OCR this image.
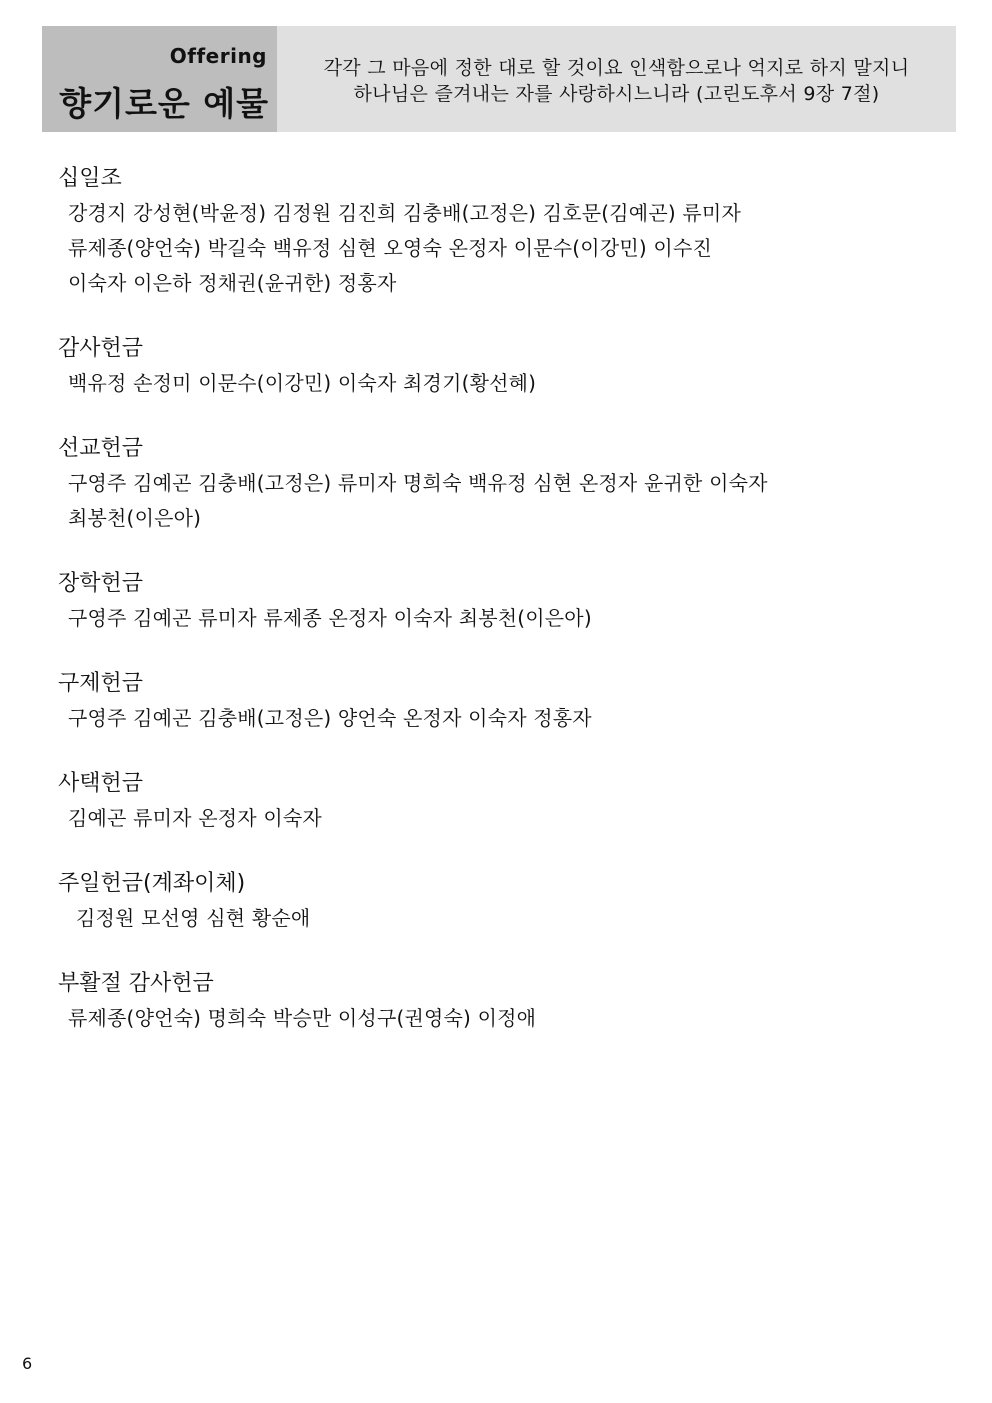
Offering
향기로운 예물
각각 그 마음에 정한 대로 할 것이요 인색함으로나 억지로 하지 말지니
하나님은 즐겨내는 자를 사랑하시느니라 (고린도후서 9장 7절)
십일조
강경지 강성현(박윤정) 김정원 김진희 김충배(고정은) 김호문(김예곤) 류미자
류제종(양언숙) 박길숙 백유정 심현 오영숙 온정자 이문수(이강민) 이수진
이숙자 이은하 정채권(윤귀한) 정홍자
감사헌금
백유정 손정미 이문수(이강민) 이숙자 최경기(황선혜)
선교헌금
구영주 김예곤 김충배(고정은) 류미자 명희숙 백유정 심현 온정자 윤귀한 이숙자
최봉천(이은아)
장학헌금
구영주 김예곤 류미자 류제종 온정자 이숙자 최봉천(이은아)
구제헌금
구영주 김예곤 김충배(고정은) 양언숙 온정자 이숙자 정홍자
사택헌금
김예곤 류미자 온정자 이숙자
주일헌금(계좌이체)
김정원 모선영 심현 황순애
부활절 감사헌금
류제종(양언숙) 명희숙 박승만 이성구(권영숙) 이정애
6
